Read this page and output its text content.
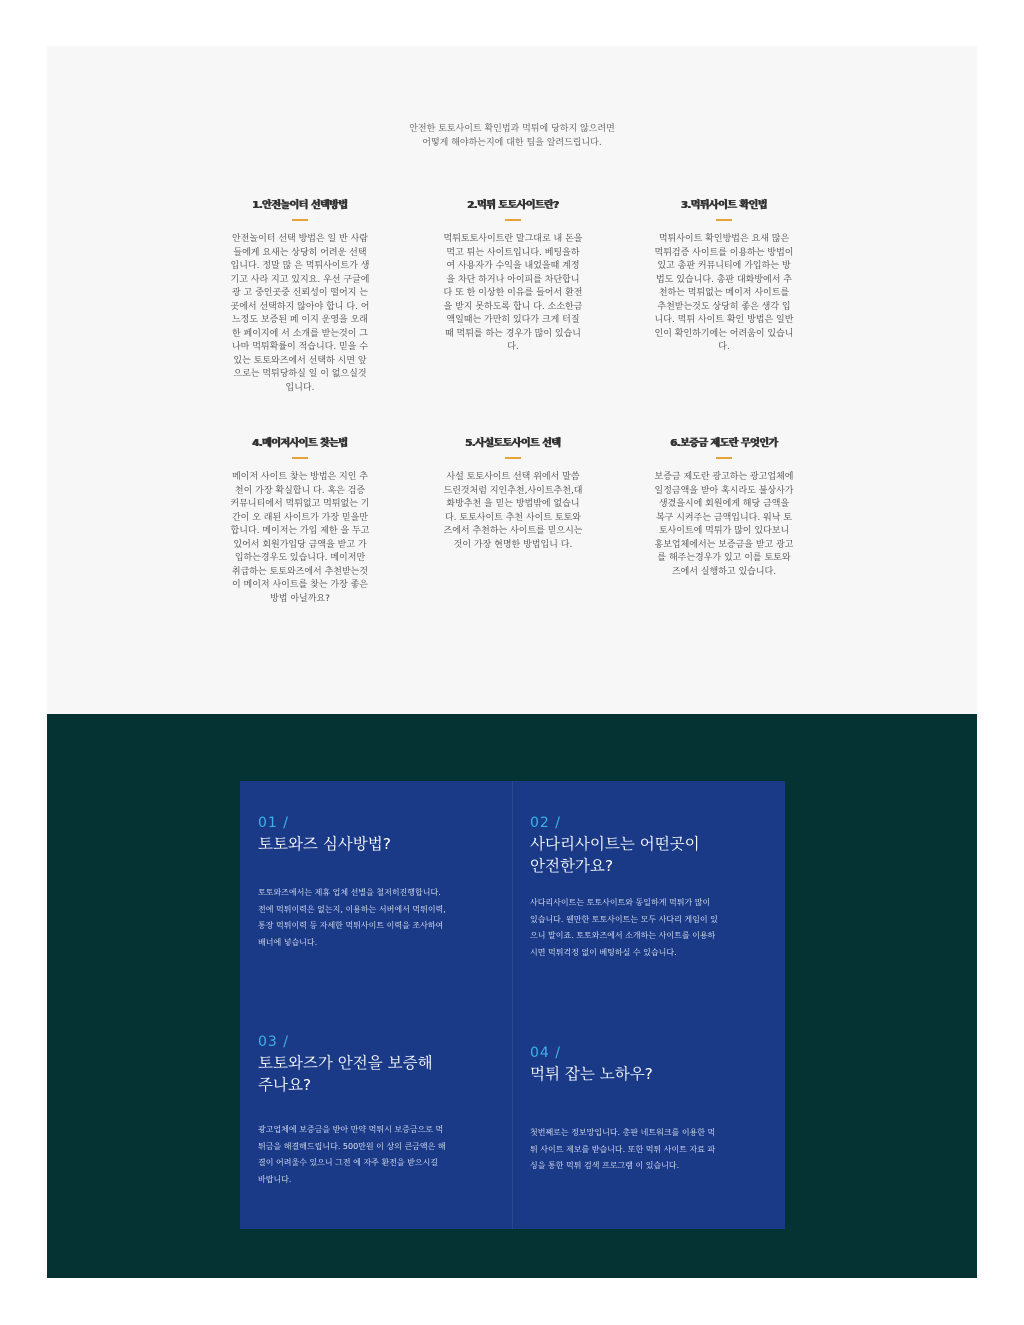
안전한 토토사이트 확인법과 먹튀에 당하지 않으려면
어떻게 해야하는지에 대한 팁을 알려드립니다.
1.안전놀이터 선택방법
안전놀이터 선택 방법은 일 반 사람들에게 요새는 상당히 어려운 선택입니다. 정말 많 은 먹튀사이트가 생기고 사라 지고 있지요. 우선 구글에 광 고 중인곳중 신뢰성이 떨어지 는 곳에서 선택하지 않아야 합니 다. 어느정도 보증된 페 이지 운영을 오래한 페이지에 서 소개를 받는것이 그나마 먹튀확률이 적습니다. 믿을 수 있는 토토와즈에서 선택하 시면 앞으로는 먹튀당하실 일 이 없으실것 입니다.
2.먹튀 토토사이트란?
먹튀토토사이트란 말그대로 내 돈을 먹고 튀는 사이트입니다. 베팅을하여 사용자가 수익을 내었을때 계정을 차단 하거나 아이피를 차단합니다 또 한 이상한 이유를 들어서 환전을 받지 못하도록 합니 다. 소소한금액일때는 가만히 있다가 크게 터질때 먹튀를 하는 경우가 많이 있습니다.
3.먹튀사이트 확인법
먹튀사이트 확인방법은 요새 많은 먹튀검증 사이트를 이용하는 방법이 있고 총판 커뮤니티에 가입하는 방법도 있습니다. 총판 대화방에서 추천하는 먹튀없는 메이저 사이트를 추천받는것도 상당히 좋은 생각 입니다. 먹튀 사이트 확인 방법은 일반인이 확인하기에는 어려움이 있습니다.
4.메이저사이트 찾는법
메이저 사이트 찾는 방법은 지인 추천이 가장 확실합니 다. 혹은 검증 커뮤니티에서 먹튀없고 먹튀없는 기간이 오 래된 사이트가 가장 믿을만 합니다. 메이저는 가입 제한 을 두고 있어서 회원가입당 금액을 받고 가입하는경우도 있습니다. 메이저만 취급하는 토토와즈에서 추천받는것이 메이저 사이트를 찾는 가장 좋은 방법 아닐까요?
5.사설토토사이트 선택
사설 토토사이트 선택 위에서 말씀드린것처럼 지인추천,사이트추천,대화방추천 을 믿는 방법밖에 없습니다. 토토사이트 추천 사이트 토토와즈에서 추천하는 사이트를 믿으시는 것이 가장 현명한 방법입니 다.
6.보증금 제도란 무엇인가
보증금 제도란 광고하는 광고업체에 일정금액을 받아 혹시라도 불상사가 생겼을시에 회원에게 해당 금액을 복구 시켜주는 금액입니다. 워낙 토토사이트에 먹튀가 많이 있다보니 홍보업체에서는 보증금을 받고 광고를 해주는경우가 있고 이를 토토와즈에서 실행하고 있습니다.
01 /
토토와즈 심사방법?
토토와즈에서는 제휴 업체 선별을 철저히진행합니다. 전에 먹튀이력은 없는지, 이용하는 서버에서 먹튀이력,통장 먹튀이력 등 자세한 먹튀사이트 이력을 조사하여 배너에 넣습니다.
02 /
사다리사이트는 어떤곳이
안전한가요?
사다리사이트는 토토사이트와 동일하게 먹튀가 많이 있습니다. 웬만한 토토사이트는 모두 사다리 게임이 있으니 말이죠. 토토와즈에서 소개하는 사이트를 이용하시면 먹튀걱정 없이 베팅하실 수 있습니다.
03 /
토토와즈가 안전을 보증해
주나요?
광고업체에 보증금을 받아 만약 먹튀시 보증금으로 먹튀금을 해결해드립니다. 500만원 이 상의 큰금액은 해결이 어려울수 있으니 그전 에 자주 환전을 받으시길 바랍니다.
04 /
먹튀 잡는 노하우?
첫번째로는 정보망입니다. 총판 네트워크를 이용한 먹튀 사이트 제보를 받습니다. 또한 먹튀 사이트 자료 파싱을 통한 먹튀 검색 프로그램 이 있습니다.
